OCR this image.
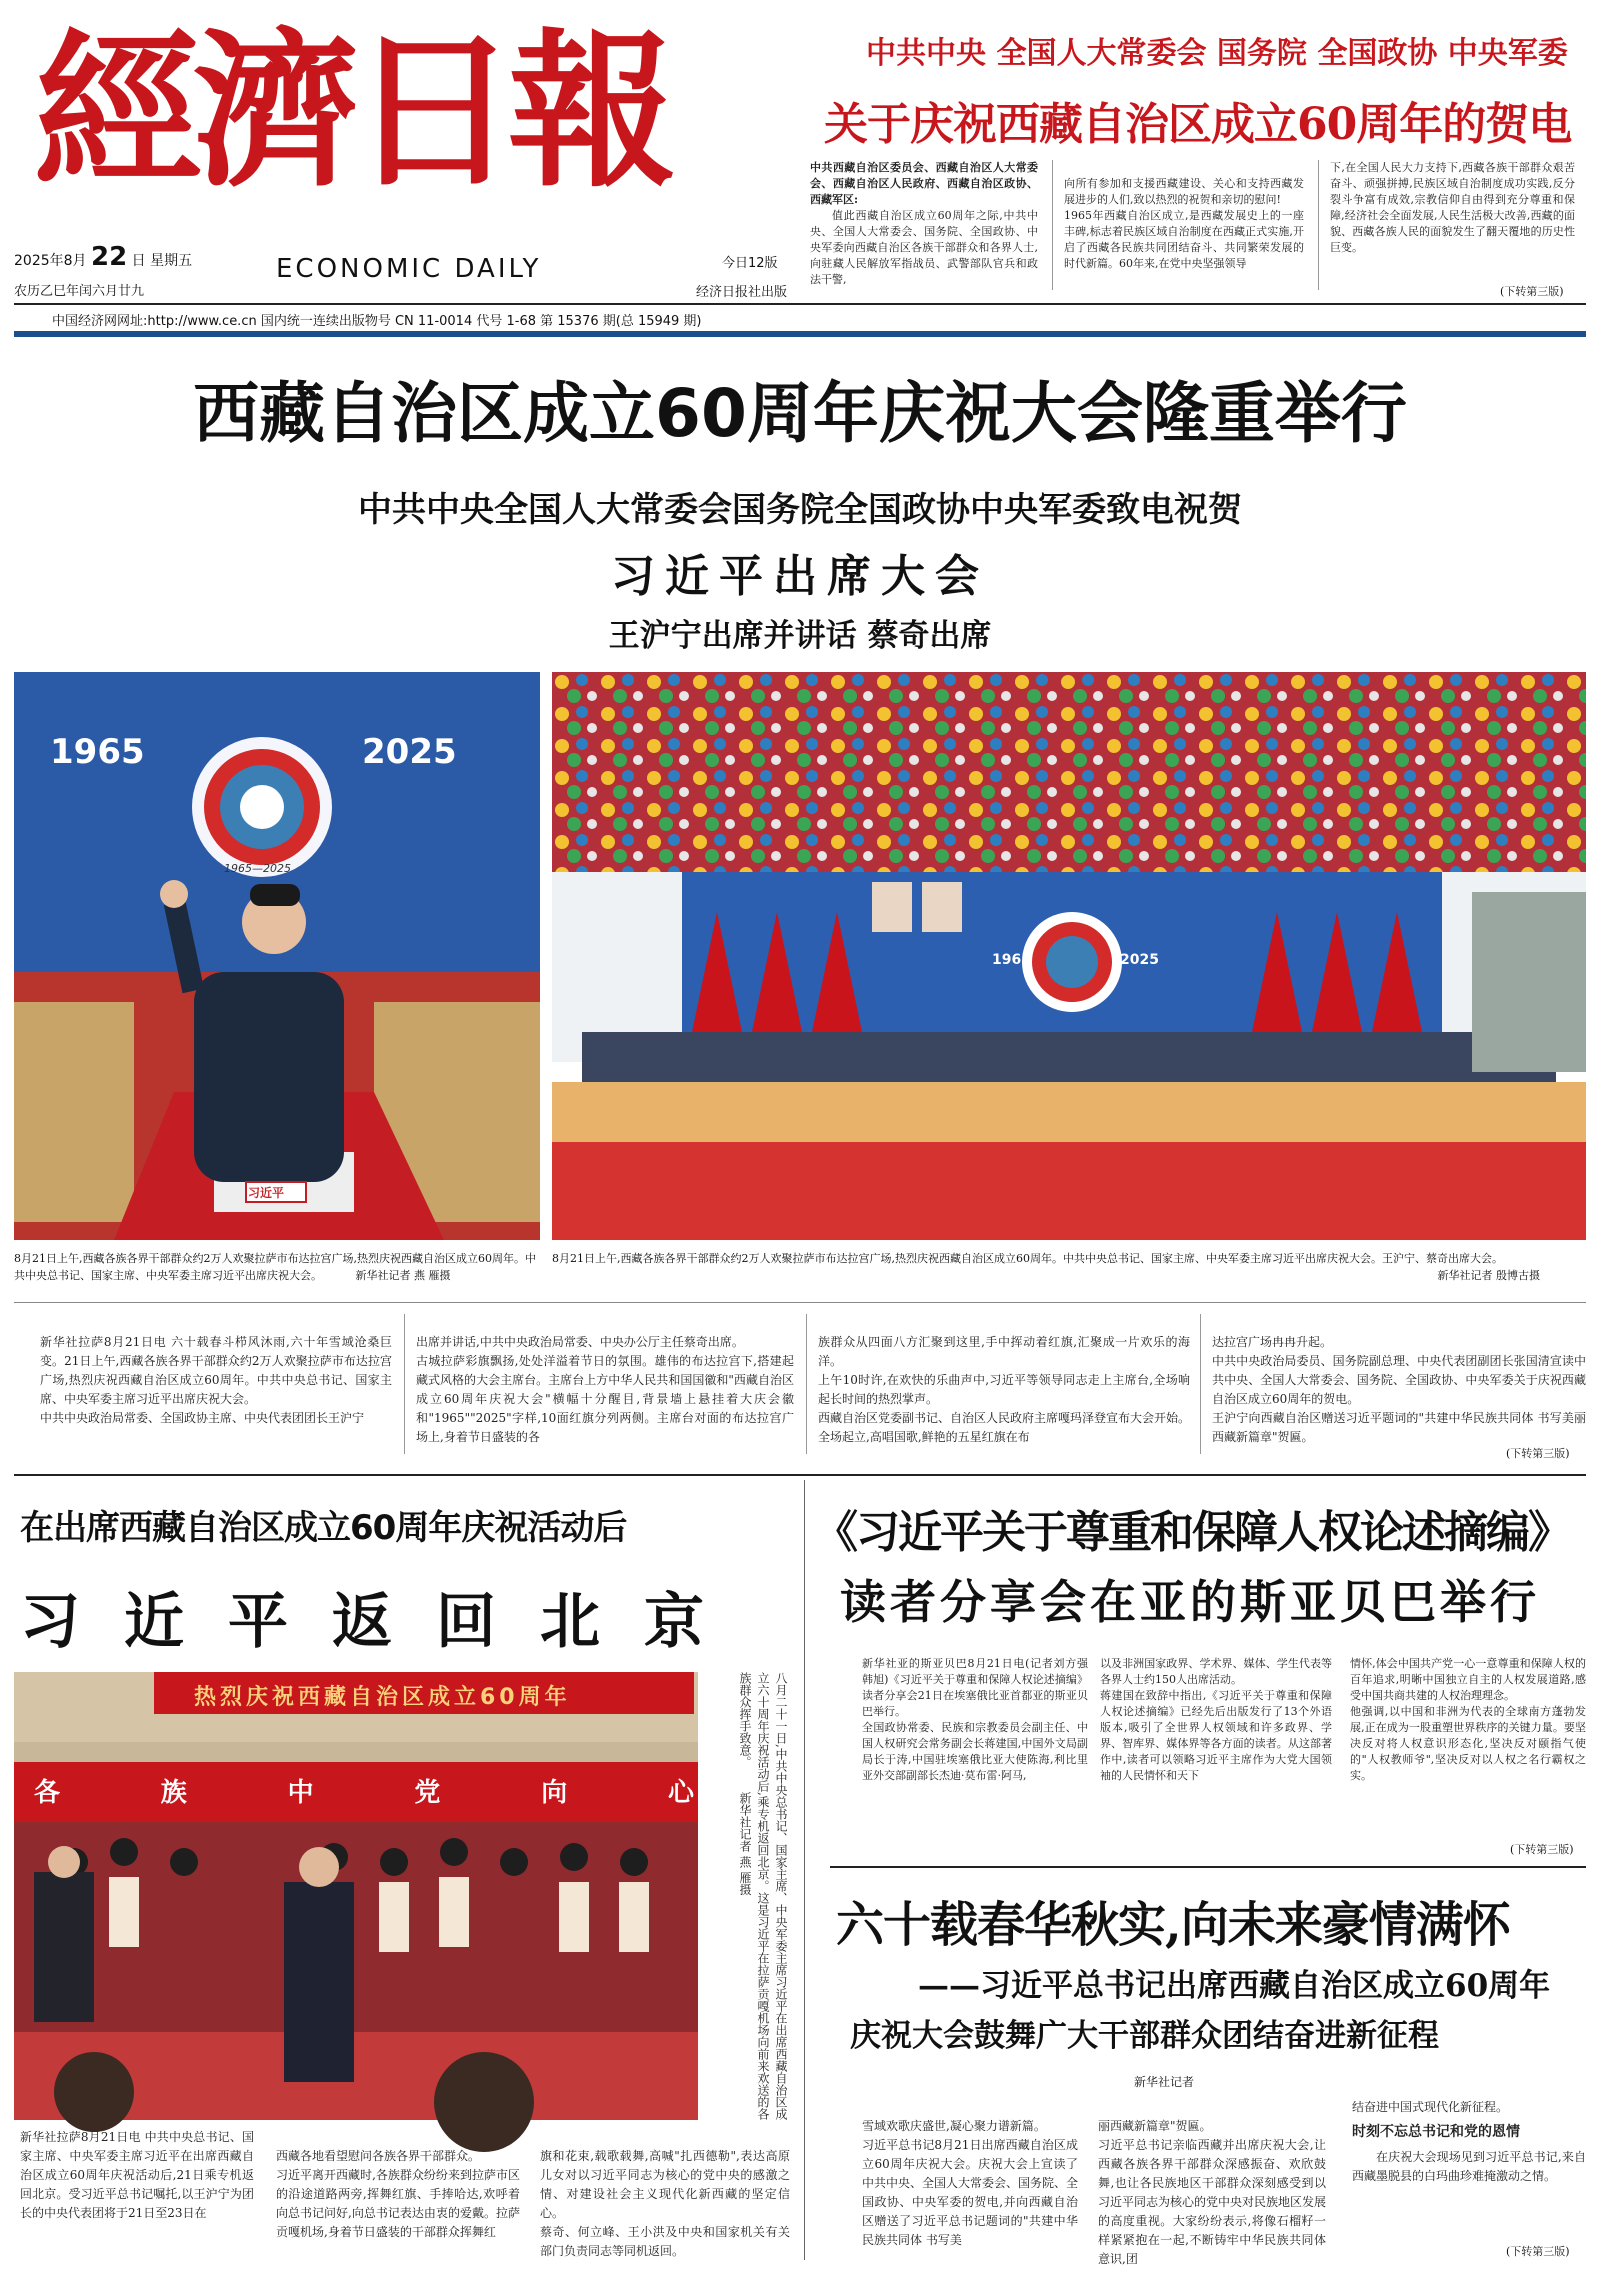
經濟日報
2025年8月 22 日 星期五
农历乙巳年闰六月廿九
ECONOMIC DAILY	今日12版
经济日报社出版
中国经济网网址:http://www.ce.cn 国内统一连续出版物号 CN 11-0014 代号 1-68 第 15376 期(总 15949 期)
中共中央 全国人大常委会 国务院 全国政协 中央军委
关于庆祝西藏自治区成立60周年的贺电
中共西藏自治区委员会、西藏自治区人大常委会、西藏自治区人民政府、西藏自治区政协、西藏军区:

值此西藏自治区成立60周年之际,中共中央、全国人大常委会、国务院、全国政协、中央军委向西藏自治区各族干部群众和各界人士,向驻藏人民解放军指战员、武警部队官兵和政法干警,

向所有参加和支援西藏建设、关心和支持西藏发展进步的人们,致以热烈的祝贺和亲切的慰问!
1965年西藏自治区成立,是西藏发展史上的一座丰碑,标志着民族区域自治制度在西藏正式实施,开启了西藏各民族共同团结奋斗、共同繁荣发展的时代新篇。60年来,在党中央坚强领导

下,在全国人民大力支持下,西藏各族干部群众艰苦奋斗、顽强拼搏,民族区域自治制度成功实践,反分裂斗争富有成效,宗教信仰自由得到充分尊重和保障,经济社会全面发展,人民生活极大改善,西藏的面貌、西藏各族人民的面貌发生了翻天覆地的历史性巨变。
(下转第三版)
西藏自治区成立60周年庆祝大会隆重举行
中共中央全国人大常委会国务院全国政协中央军委致电祝贺
习近平出席大会
王沪宁出席并讲话 蔡奇出席
1965	2025
1965—2025
习近平
1965	2025
8月21日上午,西藏各族各界干部群众约2万人欢聚拉萨市布达拉宫广场,热烈庆祝西藏自治区成立60周年。中共中央总书记、国家主席、中央军委主席习近平出席庆祝大会。	新华社记者 燕 雁摄
8月21日上午,西藏各族各界干部群众约2万人欢聚拉萨市布达拉宫广场,热烈庆祝西藏自治区成立60周年。中共中央总书记、国家主席、中央军委主席习近平出席庆祝大会。王沪宁、蔡奇出席大会。
新华社记者 殷博古摄

新华社拉萨8月21日电 六十载春斗栉风沐雨,六十年雪域沧桑巨变。21日上午,西藏各族各界干部群众约2万人欢聚拉萨市布达拉宫广场,热烈庆祝西藏自治区成立60周年。中共中央总书记、国家主席、中央军委主席习近平出席庆祝大会。
中共中央政治局常委、全国政协主席、中央代表团团长王沪宁

出席并讲话,中共中央政治局常委、中央办公厅主任蔡奇出席。
古城拉萨彩旗飘扬,处处洋溢着节日的氛围。雄伟的布达拉宫下,搭建起藏式风格的大会主席台。主席台上方中华人民共和国国徽和"西藏自治区成立60周年庆祝大会"横幅十分醒目,背景墙上悬挂着大庆会徽和"1965""2025"字样,10面红旗分列两侧。主席台对面的布达拉宫广场上,身着节日盛装的各

族群众从四面八方汇聚到这里,手中挥动着红旗,汇聚成一片欢乐的海洋。
上午10时许,在欢快的乐曲声中,习近平等领导同志走上主席台,全场响起长时间的热烈掌声。
西藏自治区党委副书记、自治区人民政府主席嘎玛泽登宣布大会开始。全场起立,高唱国歌,鲜艳的五星红旗在布

达拉宫广场冉冉升起。
中共中央政治局委员、国务院副总理、中央代表团副团长张国清宣读中共中央、全国人大常委会、国务院、全国政协、中央军委关于庆祝西藏自治区成立60周年的贺电。
王沪宁向西藏自治区赠送习近平题词的"共建中华民族共同体 书写美丽西藏新篇章"贺匾。

(下转第三版)
在出席西藏自治区成立60周年庆祝活动后
习近平返回北京
热烈庆祝西藏自治区成立60周年
各	族	中	党	向	心	八月二十一日,中共中央总书记、国家主席、中央军委主席习近平在出席西藏自治区成立六十周年庆祝活动后,乘专机返回北京。这是习近平在拉萨贡嘎机场向前来欢送的各族群众挥手致意。 新华社记者 燕 雁摄
新华社拉萨8月21日电 中共中央总书记、国家主席、中央军委主席习近平在出席西藏自治区成立60周年庆祝活动后,21日乘专机返回北京。受习近平总书记嘱托,以王沪宁为团长的中央代表团将于21日至23日在

西藏各地看望慰问各族各界干部群众。
习近平离开西藏时,各族群众纷纷来到拉萨市区的沿途道路两旁,挥舞红旗、手捧哈达,欢呼着向总书记问好,向总书记表达由衷的爱戴。拉萨贡嘎机场,身着节日盛装的干部群众挥舞红

旗和花束,载歌载舞,高喊"扎西德勒",表达高原儿女对以习近平同志为核心的党中央的感激之情、对建设社会主义现代化新西藏的坚定信心。
蔡奇、何立峰、王小洪及中央和国家机关有关部门负责同志等同机返回。

《习近平关于尊重和保障人权论述摘编》
读者分享会在亚的斯亚贝巴举行

新华社亚的斯亚贝巴8月21日电(记者刘方强 韩旭)《习近平关于尊重和保障人权论述摘编》读者分享会21日在埃塞俄比亚首都亚的斯亚贝巴举行。
全国政协常委、民族和宗教委员会副主任、中国人权研究会常务副会长蒋建国,中国外文局副局长于涛,中国驻埃塞俄比亚大使陈海,利比里亚外交部副部长杰迪·莫布雷·阿马,

以及非洲国家政界、学术界、媒体、学生代表等各界人士约150人出席活动。
蒋建国在致辞中指出,《习近平关于尊重和保障人权论述摘编》已经先后出版发行了13个外语版本,吸引了全世界人权领域和许多政界、学界、智库界、媒体界等各方面的读者。从这部著作中,读者可以领略习近平主席作为大党大国领袖的人民情怀和天下

情怀,体会中国共产党一心一意尊重和保障人权的百年追求,明晰中国独立自主的人权发展道路,感受中国共商共建的人权治理理念。
他强调,以中国和非洲为代表的全球南方蓬勃发展,正在成为一股重塑世界秩序的关键力量。要坚决反对将人权意识形态化,坚决反对颐指气使的"人权教师爷",坚决反对以人权之名行霸权之实。

(下转第三版)
六十载春华秋实,向未来豪情满怀
——习近平总书记出席西藏自治区成立60周年
庆祝大会鼓舞广大干部群众团结奋进新征程
新华社记者

雪域欢歌庆盛世,凝心聚力谱新篇。
习近平总书记8月21日出席西藏自治区成立60周年庆祝大会。庆祝大会上宣读了中共中央、全国人大常委会、国务院、全国政协、中央军委的贺电,并向西藏自治区赠送了习近平总书记题词的"共建中华民族共同体 书写美

丽西藏新篇章"贺匾。
习近平总书记亲临西藏并出席庆祝大会,让西藏各族各界干部群众深感振奋、欢欣鼓舞,也让各民族地区干部群众深刻感受到以习近平同志为核心的党中央对民族地区发展的高度重视。大家纷纷表示,将像石榴籽一样紧紧抱在一起,不断铸牢中华民族共同体意识,团

结奋进中国式现代化新征程。
时刻不忘总书记和党的恩情

在庆祝大会现场见到习近平总书记,来自西藏墨脱县的白玛曲珍难掩激动之情。

(下转第三版)
